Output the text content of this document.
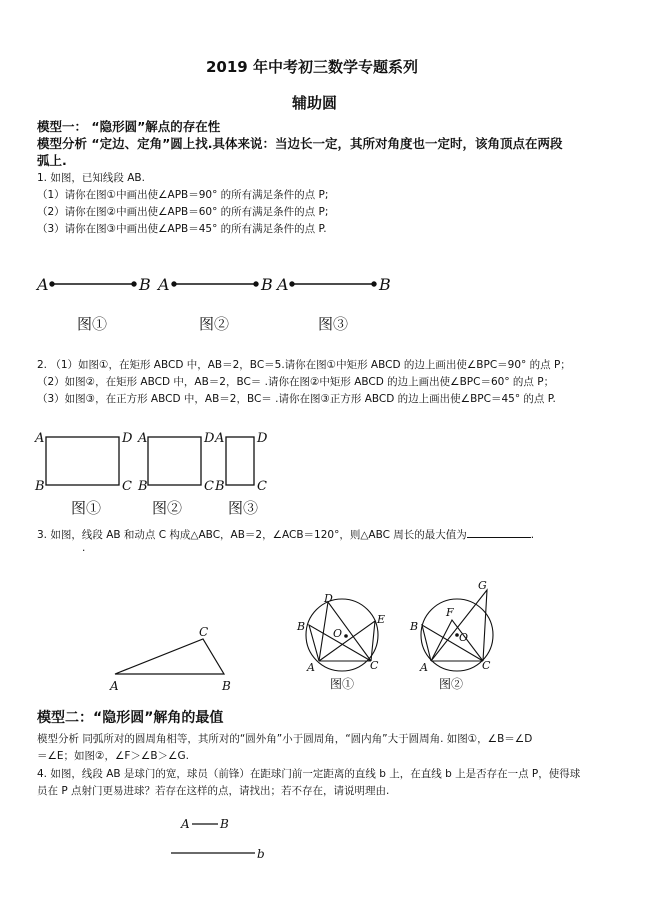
2019 年中考初三数学专题系列
辅助圆
模型一： “隐形圆”解点的存在性
模型分析 “定边、定角”圆上找.具体来说：当边长一定，其所对角度也一定时，该角顶点在两段
弧上.
1. 如图，已知线段 AB.
（1）请你在图①中画出使∠APB＝90° 的所有满足条件的点 P;
（2）请你在图②中画出使∠APB＝60° 的所有满足条件的点 P;
（3）请你在图③中画出使∠APB＝45° 的所有满足条件的点 P.
A	B A	B A	B
图①	图②	图③
2. （1）如图①，在矩形 ABCD 中，AB＝2，BC＝5.请你在图①中矩形 ABCD 的边上画出使∠BPC＝90° 的点 P；
（2）如图②，在矩形 ABCD 中，AB＝2，BC＝ .请你在图②中矩形 ABCD 的边上画出使∠BPC＝60° 的点 P；
（3）如图③，在正方形 ABCD 中，AB＝2，BC＝ .请你在图③正方形 ABCD 的边上画出使∠BPC＝45° 的点 P.
A	D
B	C
A	D
B	C
A	D
B C
图①	图②	图③
3. 如图，线段 AB 和动点 C 构成△ABC，AB＝2，∠ACB＝120°，则△ABC 周长的最大值为	.
.
A	B
C
D
E
B
O
A	C
图①
G
F
B
O
A	C
图②
模型二：“隐形圆”解角的最值
模型分析 同弧所对的圆周角相等，其所对的“圆外角”小于圆周角，“圆内角”大于圆周角. 如图①，∠B＝∠D
＝∠E；如图②，∠F＞∠B＞∠G.
4. 如图，线段 AB 是球门的宽，球员（前锋）在距球门前一定距离的直线 b 上，在直线 b 上是否存在一点 P，使得球
员在 P 点射门更易进球？若存在这样的点，请找出；若不存在，请说明理由.
A	B
b
